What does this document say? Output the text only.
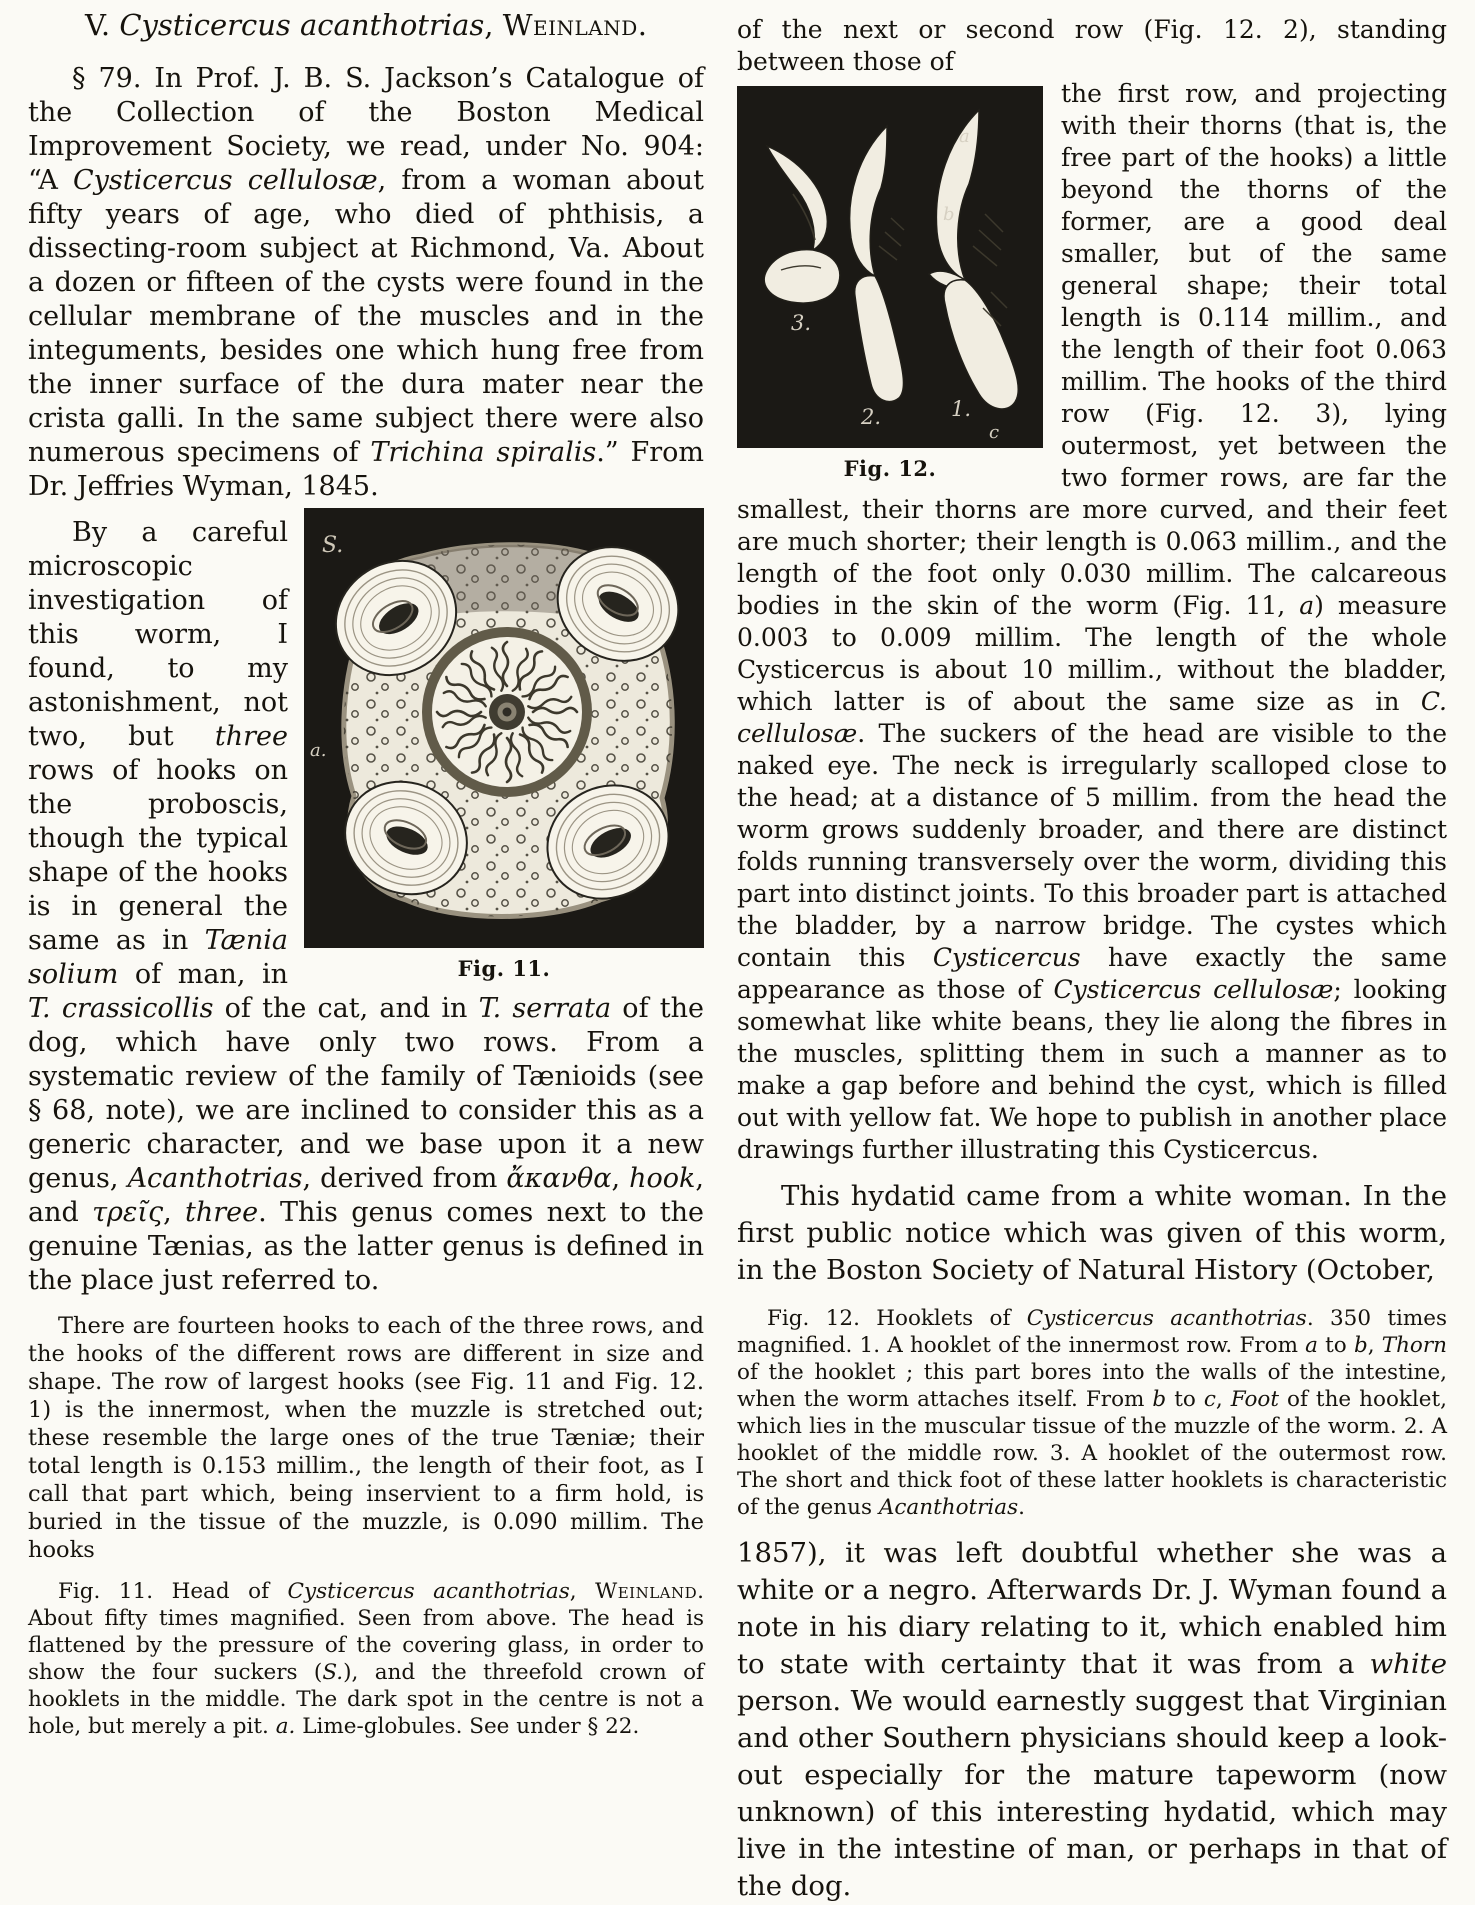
V. Cysticercus acanthotrias, Weinland.

§ 79. In Prof. J. B. S. Jackson’s Catalogue of the Collection of the Boston Medical Improvement Society, we read, under No. 904: “A Cysticercus cellulosæ, from a woman about fifty years of age, who died of phthisis, a dissecting-room subject at Richmond, Va. About a dozen or fifteen of the cysts were found in the cellular membrane of the muscles and in the integuments, besides one which hung free from the inner surface of the dura mater near the crista galli. In the same subject there were also numerous specimens of Trichina spiralis.” From Dr. Jeffries Wyman, 1845.

S.
a.
Fig. 11.

By a careful microscopic investigation of this worm, I found, to my astonishment, not two, but three rows of hooks on the proboscis, though the typical shape of the hooks is in general the same as in Tænia solium of man, in T. crassicollis of the cat, and in T. serrata of the dog, which have only two rows. From a systematic review of the family of Tænioids (see § 68, note), we are inclined to consider this as a generic character, and we base upon it a new genus, Acanthotrias, derived from ἄκανθα, hook, and τρεῖς, three. This genus comes next to the genuine Tænias, as the latter genus is defined in the place just referred to.

There are fourteen hooks to each of the three rows, and the hooks of the different rows are different in size and shape. The row of largest hooks (see Fig. 11 and Fig. 12. 1) is the innermost, when the muzzle is stretched out; these resemble the large ones of the true Tæniæ; their total length is 0.153 millim., the length of their foot, as I call that part which, being inservient to a firm hold, is buried in the tissue of the muzzle, is 0.090 millim. The hooks

Fig. 11. Head of Cysticercus acanthotrias, Weinland. About fifty times magnified. Seen from above. The head is flattened by the pressure of the covering glass, in order to show the four suckers (S.), and the threefold crown of hooklets in the middle. The dark spot in the centre is not a hole, but merely a pit. a. Lime-globules. See under § 22.

of the next or second row (Fig. 12. 2), standing between those of

3.
2.	1.
a
b
c
Fig. 12.

the first row, and projecting with their thorns (that is, the free part of the hooks) a little beyond the thorns of the former, are a good deal smaller, but of the same general shape; their total length is 0.114 millim., and the length of their foot 0.063 millim. The hooks of the third row (Fig. 12. 3), lying outermost, yet between the two former rows, are far the smallest, their thorns are more curved, and their feet are much shorter; their length is 0.063 millim., and the length of the foot only 0.030 millim. The calcareous bodies in the skin of the worm (Fig. 11, a) measure 0.003 to 0.009 millim. The length of the whole Cysticercus is about 10 millim., without the bladder, which latter is of about the same size as in C. cellulosæ. The suckers of the head are visible to the naked eye. The neck is irregularly scalloped close to the head; at a distance of 5 millim. from the head the worm grows suddenly broader, and there are distinct folds running transversely over the worm, dividing this part into distinct joints. To this broader part is attached the bladder, by a narrow bridge. The cystes which contain this Cysticercus have exactly the same appearance as those of Cysticercus cellulosæ; looking somewhat like white beans, they lie along the fibres in the muscles, splitting them in such a manner as to make a gap before and behind the cyst, which is filled out with yellow fat. We hope to publish in another place drawings further illustrating this Cysticercus.

This hydatid came from a white woman. In the first public notice which was given of this worm, in the Boston Society of Natural History (October,

Fig. 12. Hooklets of Cysticercus acanthotrias. 350 times magnified. 1. A hooklet of the innermost row. From a to b, Thorn of the hooklet ; this part bores into the walls of the intestine, when the worm attaches itself. From b to c, Foot of the hooklet, which lies in the muscular tissue of the muzzle of the worm. 2. A hooklet of the middle row. 3. A hooklet of the outermost row. The short and thick foot of these latter hooklets is characteristic of the genus Acanthotrias.

1857), it was left doubtful whether she was a white or a negro. Afterwards Dr. J. Wyman found a note in his diary relating to it, which enabled him to state with certainty that it was from a white person. We would earnestly suggest that Virginian and other Southern physicians should keep a look-out especially for the mature tapeworm (now unknown) of this interesting hydatid, which may live in the intestine of man, or perhaps in that of the dog.
